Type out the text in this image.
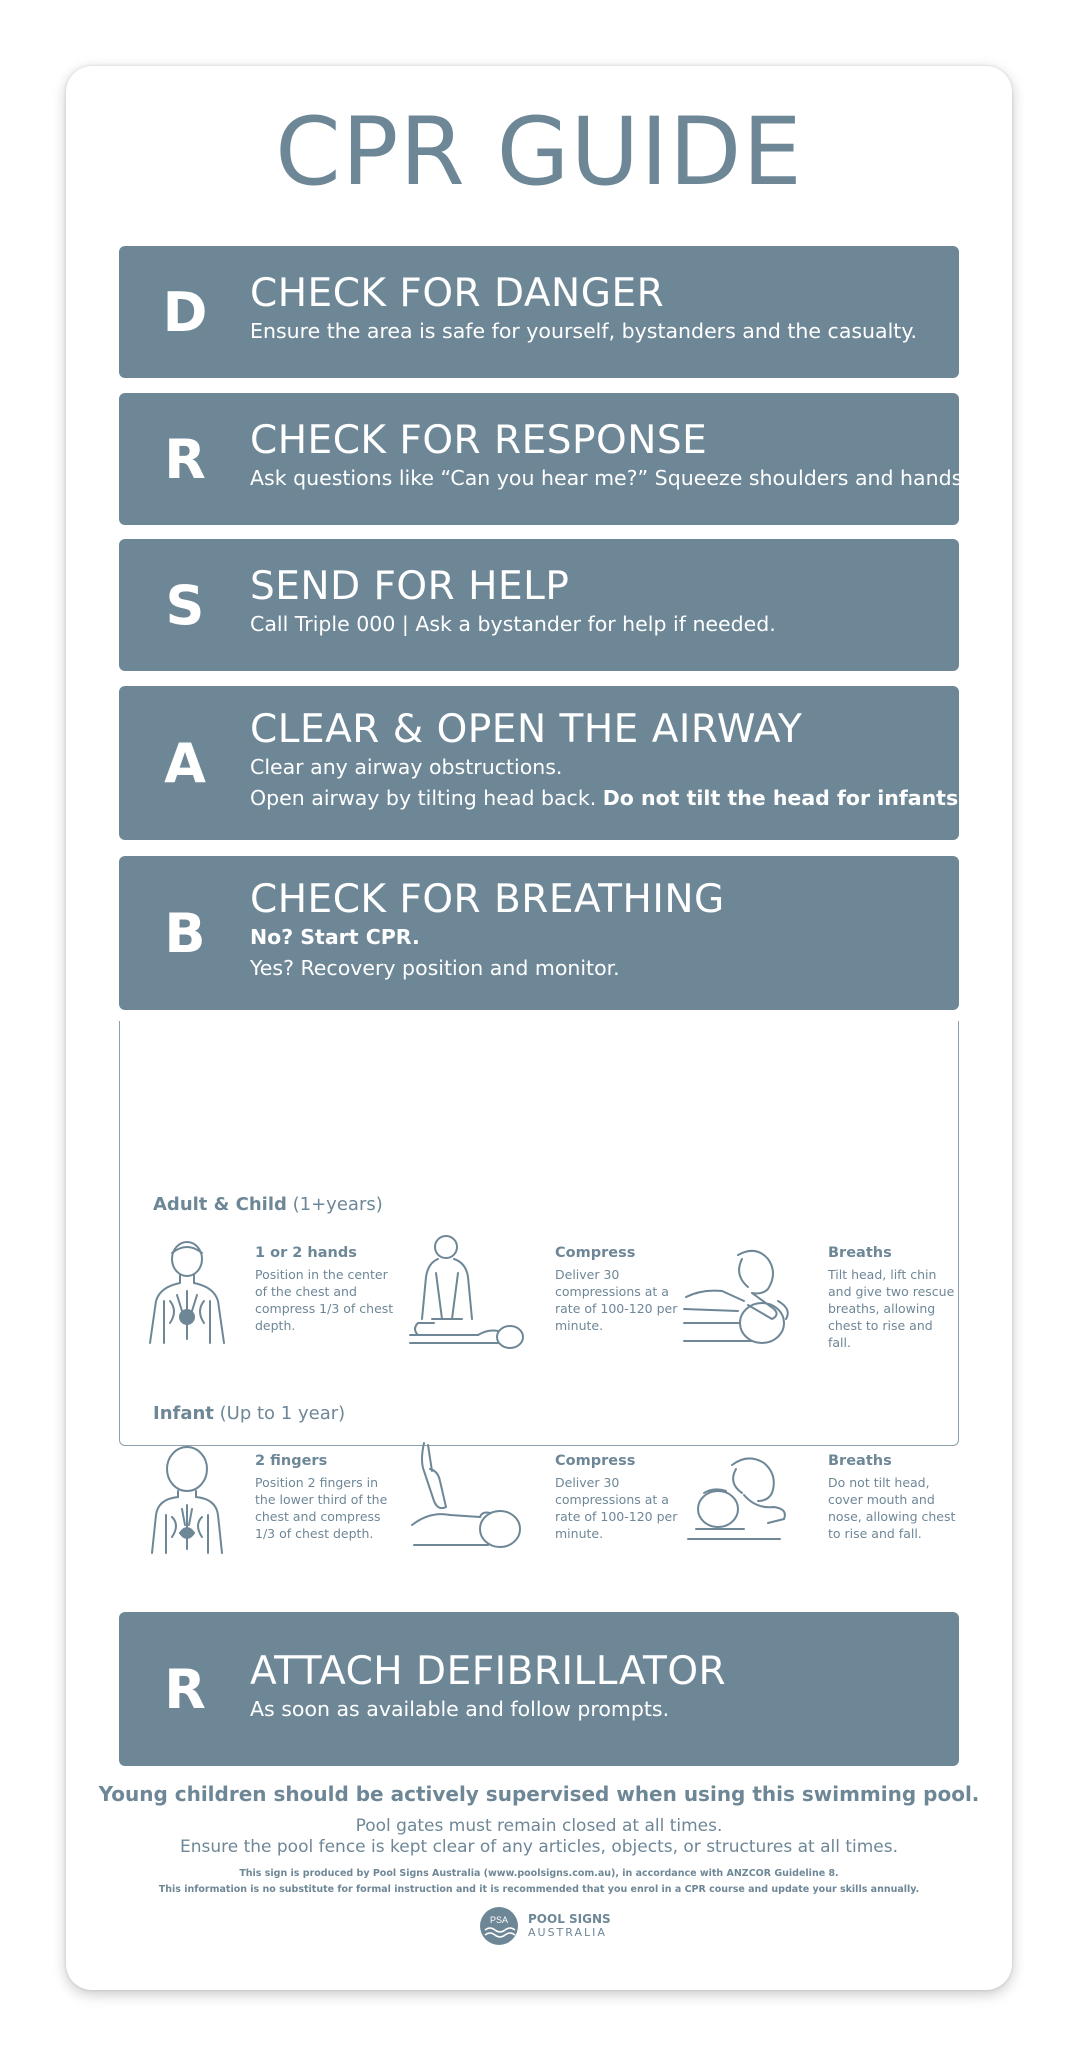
CPR GUIDE
D	CHECK FOR DANGER
Ensure the area is safe for yourself, bystanders and the casualty.
R	CHECK FOR RESPONSE
Ask questions like “Can you hear me?” Squeeze shoulders and hands.
S	SEND FOR HELP
Call Triple 000 | Ask a bystander for help if needed.
A
CLEAR & OPEN THE AIRWAY
Clear any airway obstructions.
Open airway by tilting head back. Do not tilt the head for infants.
B
CHECK FOR BREATHING
No? Start CPR.
Yes? Recovery position and monitor.
Adult & Child (1+years)
1 or 2 hands
Position in the center of the chest and compress 1/3 of chest depth.
Compress
Deliver 30 compressions at a rate of 100-120 per minute.
Breaths
Tilt head, lift chin and give two rescue breaths, allowing chest to rise and fall.
Infant (Up to 1 year)
2 fingers
Position 2 fingers in the lower third of the chest and compress 1/3 of chest depth.
Compress
Deliver 30 compressions at a rate of 100-120 per minute.
Breaths
Do not tilt head, cover mouth and nose, allowing chest to rise and fall.
R	ATTACH DEFIBRILLATOR
As soon as available and follow prompts.
Young children should be actively supervised when using this swimming pool.
Pool gates must remain closed at all times.
Ensure the pool fence is kept clear of any articles, objects, or structures at all times.
This sign is produced by Pool Signs Australia (www.poolsigns.com.au), in accordance with ANZCOR Guideline 8.
This information is no substitute for formal instruction and it is recommended that you enrol in a CPR course and update your skills annually.
PSA POOL SIGNS
AUSTRALIA
